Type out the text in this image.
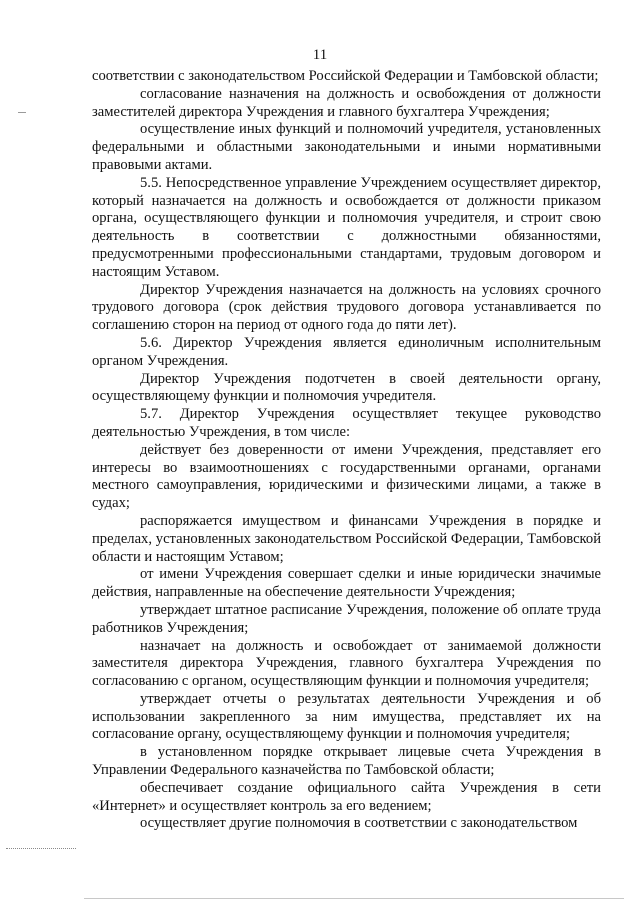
11

соответствии с законодательством Российской Федерации и Тамбовской области;

согласование назначения на должность и освобождения от должности заместителей директора Учреждения и главного бухгалтера Учреждения;

осуществление иных функций и полномочий учредителя, установленных федеральными и областными законодательными и иными нормативными правовыми актами.

5.5. Непосредственное управление Учреждением осуществляет директор, который назначается на должность и освобождается от должности приказом органа, осуществляющего функции и полномочия учредителя, и строит свою деятельность в соответствии с должностными обязанностями, предусмотренными профессиональными стандартами, трудовым договором и настоящим Уставом.

Директор Учреждения назначается на должность на условиях срочного трудового договора (срок действия трудового договора устанавливается по соглашению сторон на период от одного года до пяти лет).

5.6. Директор Учреждения является единоличным исполнительным органом Учреждения.

Директор Учреждения подотчетен в своей деятельности органу, осуществляющему функции и полномочия учредителя.

5.7. Директор Учреждения осуществляет текущее руководство деятельностью Учреждения, в том числе:

действует без доверенности от имени Учреждения, представляет его интересы во взаимоотношениях с государственными органами, органами местного самоуправления, юридическими и физическими лицами, а также в судах;

распоряжается имуществом и финансами Учреждения в порядке и пределах, установленных законодательством Российской Федерации, Тамбовской области и настоящим Уставом;

от имени Учреждения совершает сделки и иные юридически значимые действия, направленные на обеспечение деятельности Учреждения;

утверждает штатное расписание Учреждения, положение об оплате труда работников Учреждения;

назначает на должность и освобождает от занимаемой должности заместителя директора Учреждения, главного бухгалтера Учреждения по согласованию с органом, осуществляющим функции и полномочия учредителя;

утверждает отчеты о результатах деятельности Учреждения и об использовании закрепленного за ним имущества, представляет их на согласование органу, осуществляющему функции и полномочия учредителя;

в установленном порядке открывает лицевые счета Учреждения в Управлении Федерального казначейства по Тамбовской области;

обеспечивает создание официального сайта Учреждения в сети «Интернет» и осуществляет контроль за его ведением;

осуществляет другие полномочия в соответствии с законодательством
